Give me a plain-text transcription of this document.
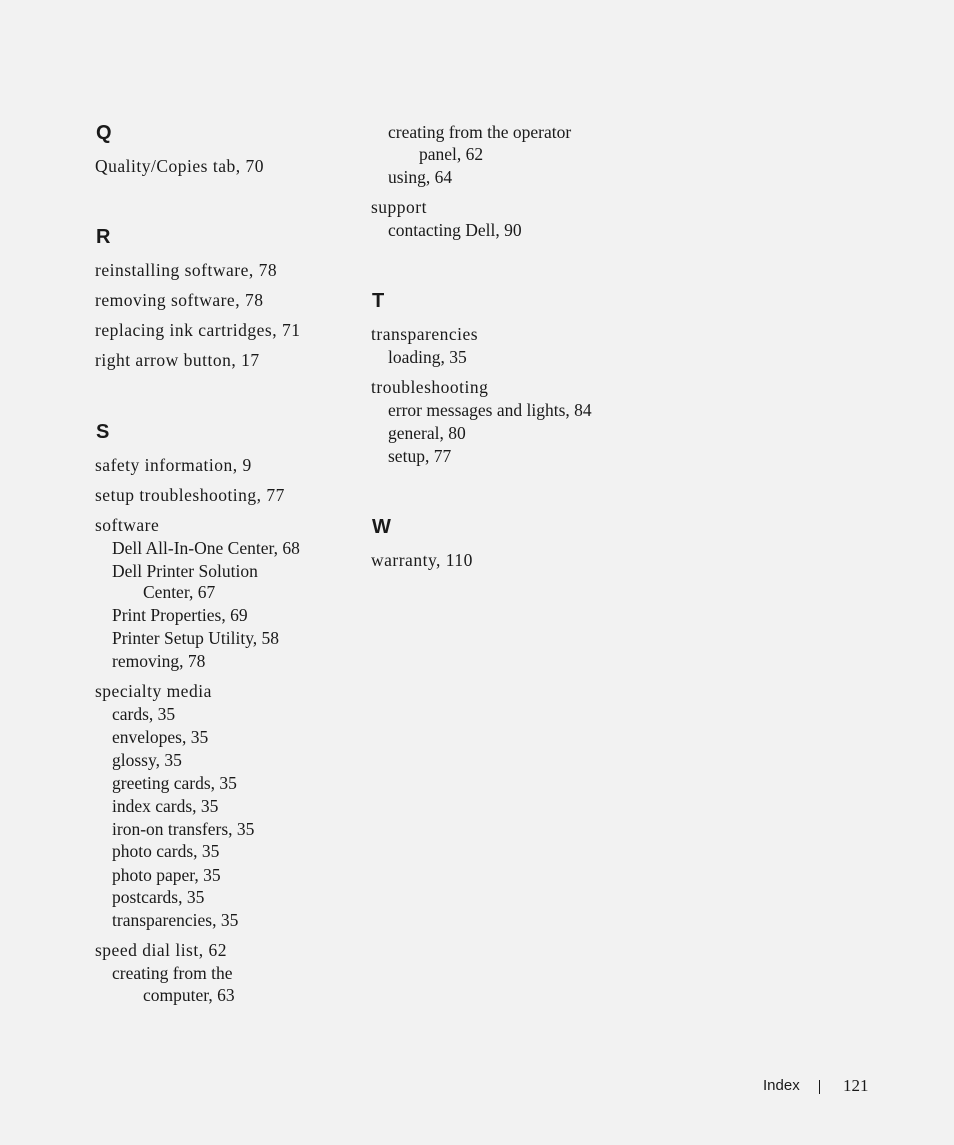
Q
Quality/Copies tab, 70
R
reinstalling software, 78
removing software, 78
replacing ink cartridges, 71
right arrow button, 17
S
safety information, 9
setup troubleshooting, 77
software
Dell All-In-One Center, 68
Dell Printer Solution
Center, 67
Print Properties, 69
Printer Setup Utility, 58
removing, 78
specialty media
cards, 35
envelopes, 35
glossy, 35
greeting cards, 35
index cards, 35
iron-on transfers, 35
photo cards, 35
photo paper, 35
postcards, 35
transparencies, 35
speed dial list, 62
creating from the
computer, 63
creating from the operator
panel, 62
using, 64
support
contacting Dell, 90
T
transparencies
loading, 35
troubleshooting
error messages and lights, 84
general, 80
setup, 77
W
warranty, 110
Index	121
